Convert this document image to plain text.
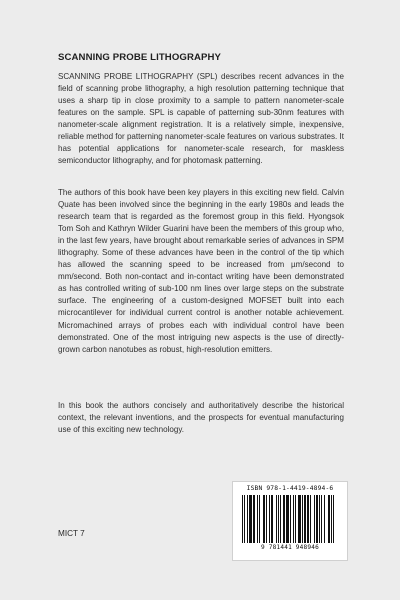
SCANNING PROBE LITHOGRAPHY

SCANNING PROBE LITHOGRAPHY (SPL) describes recent advances in the field of scanning probe lithography, a high resolution patterning technique that uses a sharp tip in close proximity to a sample to pattern nanometer-scale features on the sample. SPL is capable of patterning sub-30nm features with nanometer-scale alignment registration. It is a relatively simple, inexpensive, reliable method for patterning nanometer-scale features on various substrates. It has potential applications for nanometer-scale research, for maskless semiconductor lithography, and for photomask patterning.

The authors of this book have been key players in this exciting new field. Calvin Quate has been involved since the beginning in the early 1980s and leads the research team that is regarded as the foremost group in this field. Hyongsok Tom Soh and Kathryn Wilder Guarini have been the members of this group who, in the last few years, have brought about remarkable series of advances in SPM lithography. Some of these advances have been in the control of the tip which has allowed the scanning speed to be increased from µm/second to mm/second. Both non-contact and in-contact writing have been demonstrated as has controlled writing of sub-100 nm lines over large steps on the substrate surface. The engineering of a custom-designed MOFSET built into each microcantilever for individual current control is another notable achievement. Micromachined arrays of probes each with individual control have been demonstrated. One of the most intriguing new aspects is the use of directly-grown carbon nanotubes as robust, high-resolution emitters.

In this book the authors concisely and authoritatively describe the historical context, the relevant inventions, and the prospects for eventual manufacturing use of this exciting new technology.

MICT 7
ISBN 978-1-4419-4894-6
9 781441 948946
